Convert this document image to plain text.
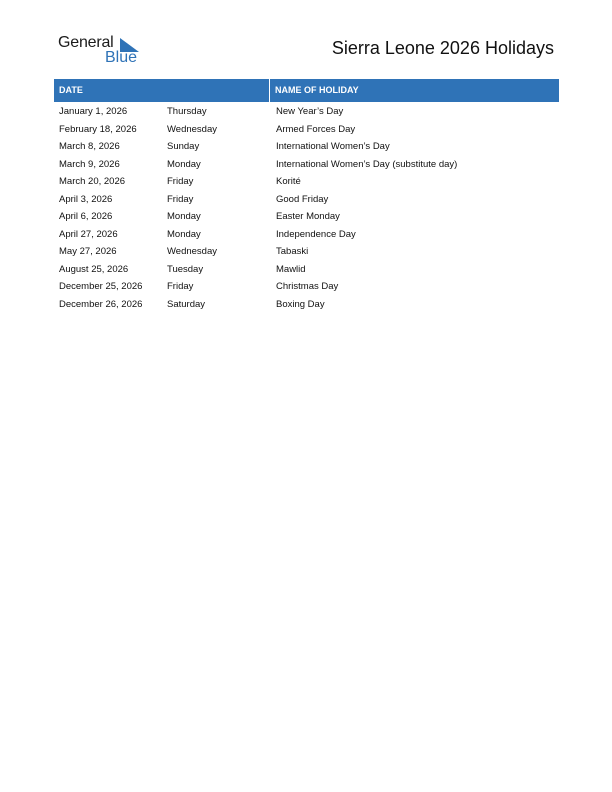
General
Blue	Sierra Leone 2026 Holidays
DATE	NAME OF HOLIDAY
January 1, 2026	Thursday	New Year’s Day
February 18, 2026	Wednesday	Armed Forces Day
March 8, 2026	Sunday	International Women’s Day
March 9, 2026	Monday	International Women’s Day (substitute day)
March 20, 2026	Friday	Korité
April 3, 2026	Friday	Good Friday
April 6, 2026	Monday	Easter Monday
April 27, 2026	Monday	Independence Day
May 27, 2026	Wednesday	Tabaski
August 25, 2026	Tuesday	Mawlid
December 25, 2026	Friday	Christmas Day
December 26, 2026	Saturday	Boxing Day
